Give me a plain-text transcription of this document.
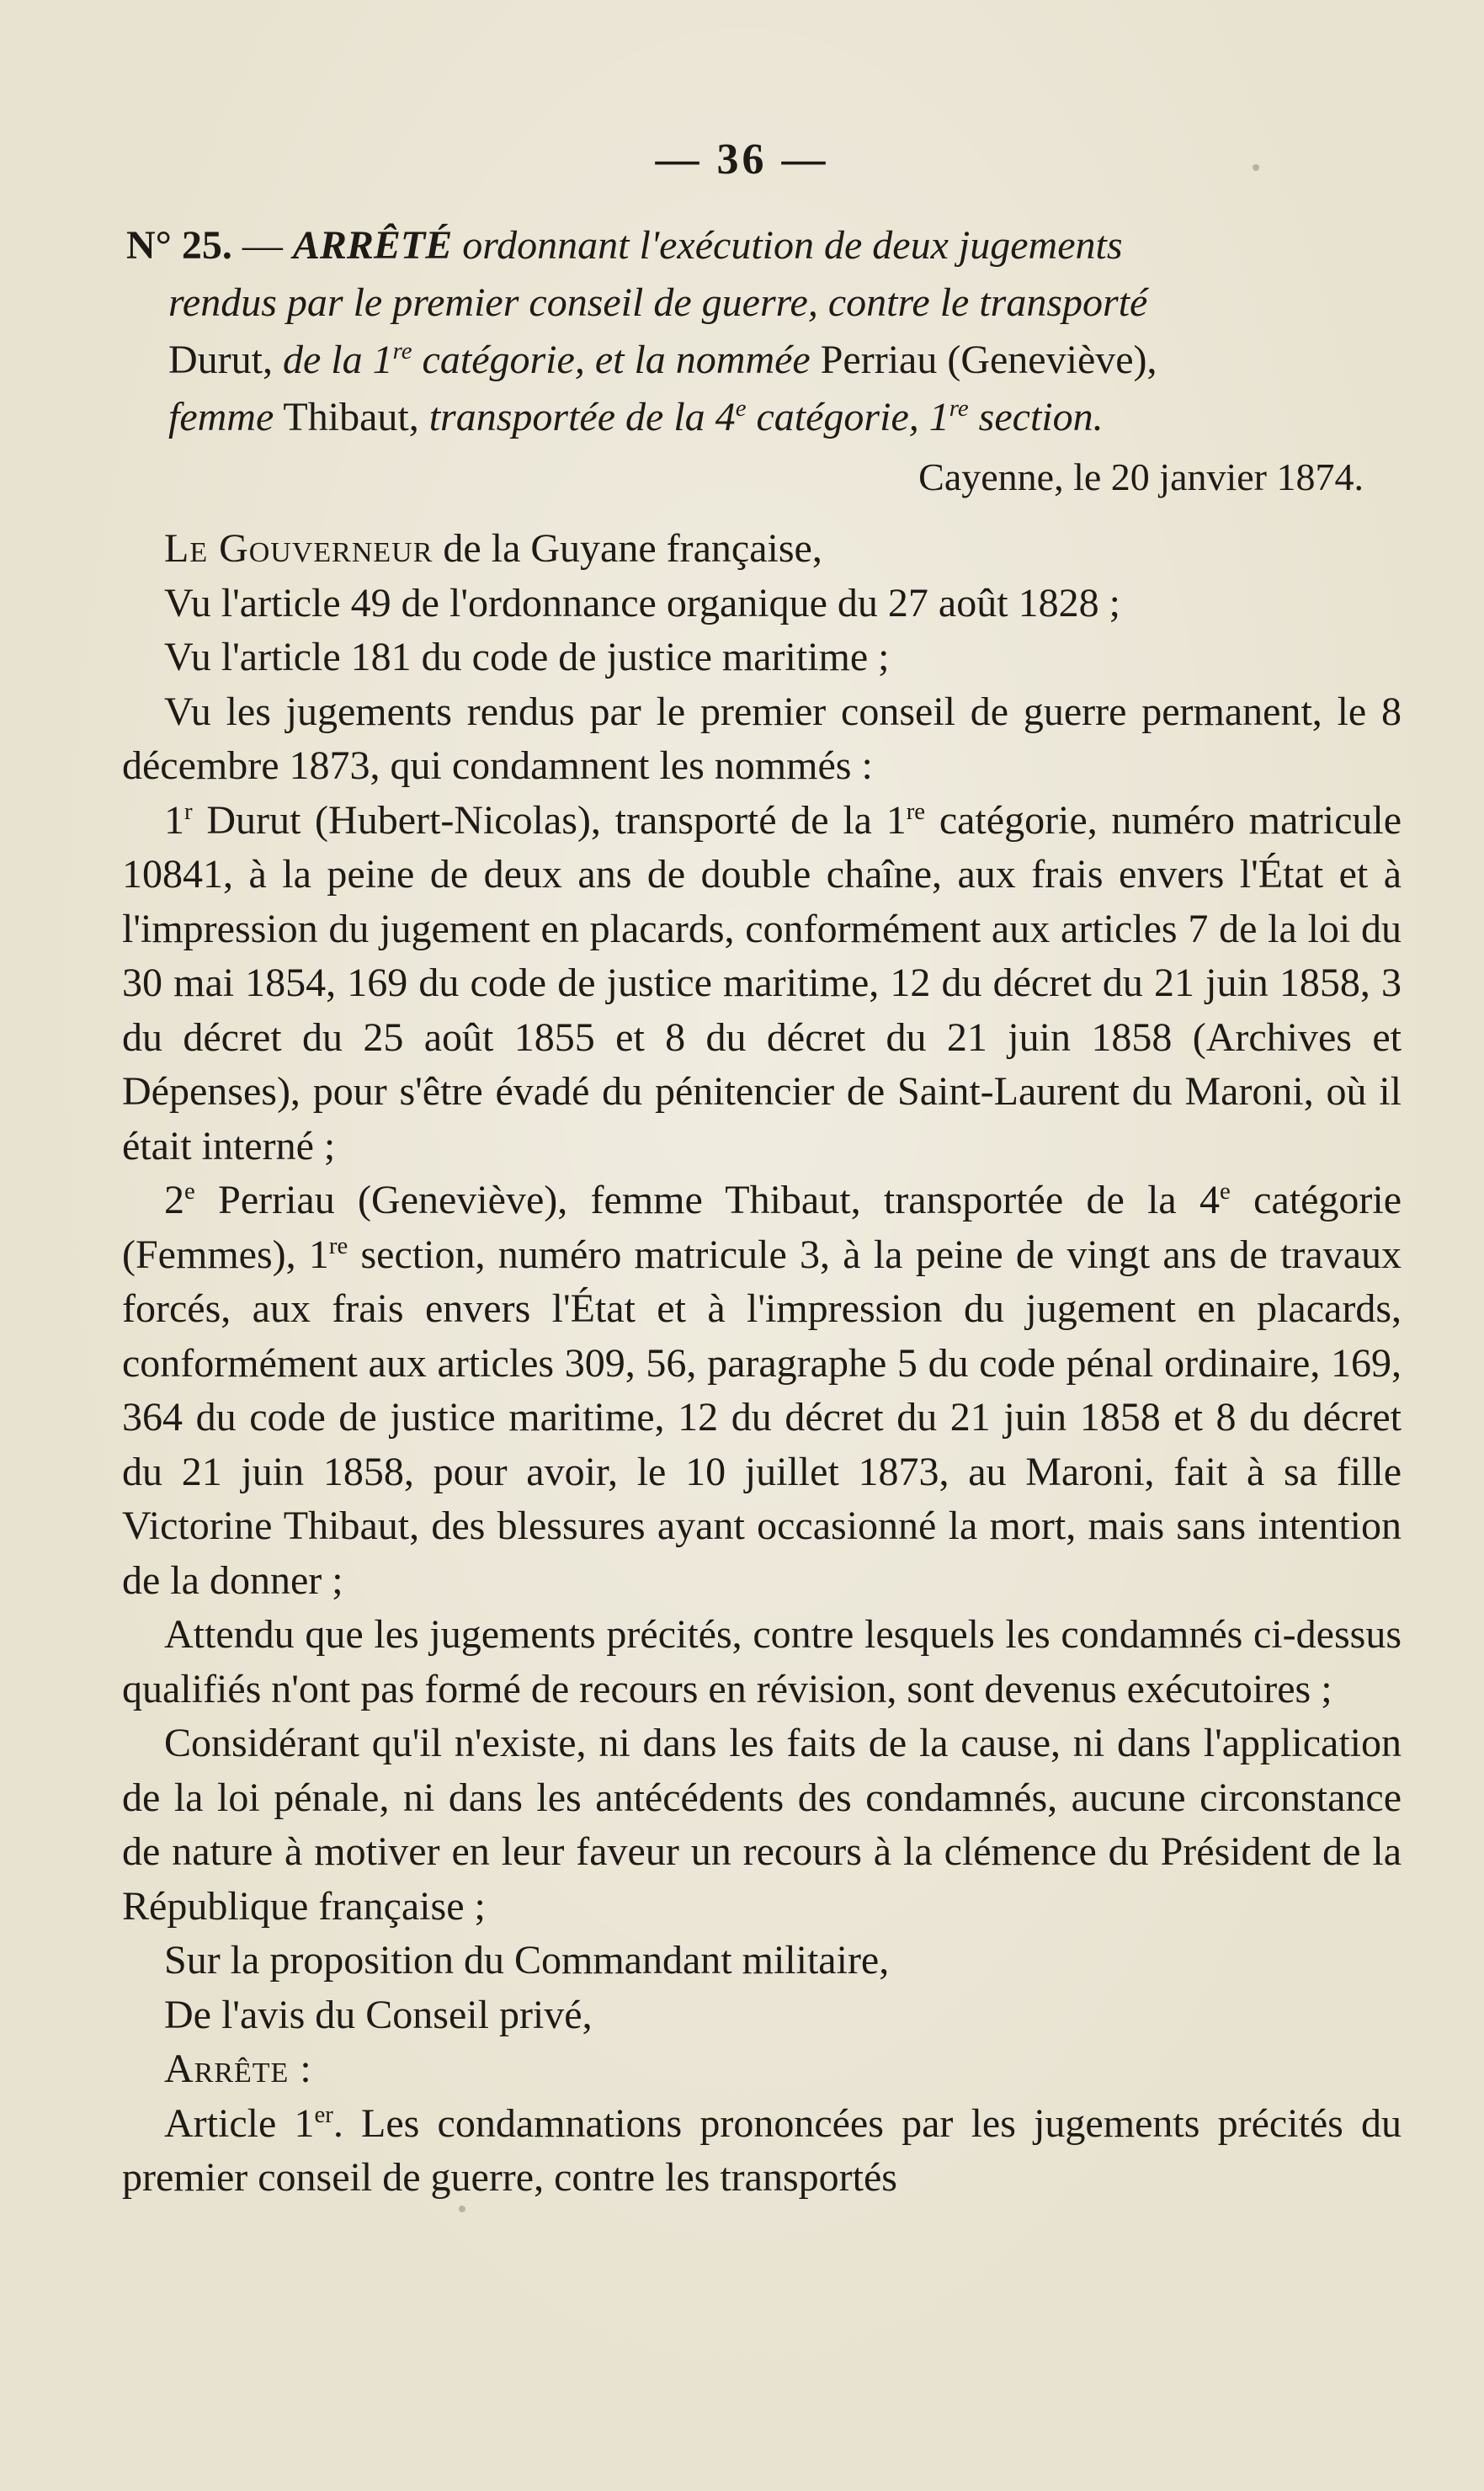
— 36 —
N° 25. — ARRÊTÉ ordonnant l'exécution de deux jugements
rendus par le premier conseil de guerre, contre le transporté
Durut, de la 1re catégorie, et la nommée Perriau (Geneviève),
femme Thibaut, transportée de la 4e catégorie, 1re section.
Cayenne, le 20 janvier 1874.

Le Gouverneur de la Guyane française,

Vu l'article 49 de l'ordonnance organique du 27 août 1828 ;

Vu l'article 181 du code de justice maritime ;

Vu les jugements rendus par le premier conseil de guerre permanent, le 8 décembre 1873, qui condamnent les nommés :

1$^r$ Durut (Hubert-Nicolas), transporté de la 1re catégorie, numéro matricule 10841, à la peine de deux ans de double chaîne, aux frais envers l'État et à l'impression du jugement en placards, conformément aux articles 7 de la loi du 30 mai 1854, 169 du code de justice maritime, 12 du décret du 21 juin 1858, 3 du décret du 25 août 1855 et 8 du décret du 21 juin 1858 (Archives et Dépenses), pour s'être évadé du pénitencier de Saint-Laurent du Maroni, où il était interné ;

2e Perriau (Geneviève), femme Thibaut, transportée de la 4e catégorie (Femmes), 1re section, numéro matricule 3, à la peine de vingt ans de travaux forcés, aux frais envers l'État et à l'impression du jugement en placards, conformément aux articles 309, 56, paragraphe 5 du code pénal ordinaire, 169, 364 du code de justice maritime, 12 du décret du 21 juin 1858 et 8 du décret du 21 juin 1858, pour avoir, le 10 juillet 1873, au Maroni, fait à sa fille Victorine Thibaut, des blessures ayant occasionné la mort, mais sans intention de la donner ;

Attendu que les jugements précités, contre lesquels les condamnés ci-dessus qualifiés n'ont pas formé de recours en révision, sont devenus exécutoires ;

Considérant qu'il n'existe, ni dans les faits de la cause, ni dans l'application de la loi pénale, ni dans les antécédents des condamnés, aucune circonstance de nature à motiver en leur faveur un recours à la clémence du Président de la République française ;

Sur la proposition du Commandant militaire,

De l'avis du Conseil privé,

Arrête :

Article 1er. Les condamnations prononcées par les jugements précités du premier conseil de guerre, contre les transportés
